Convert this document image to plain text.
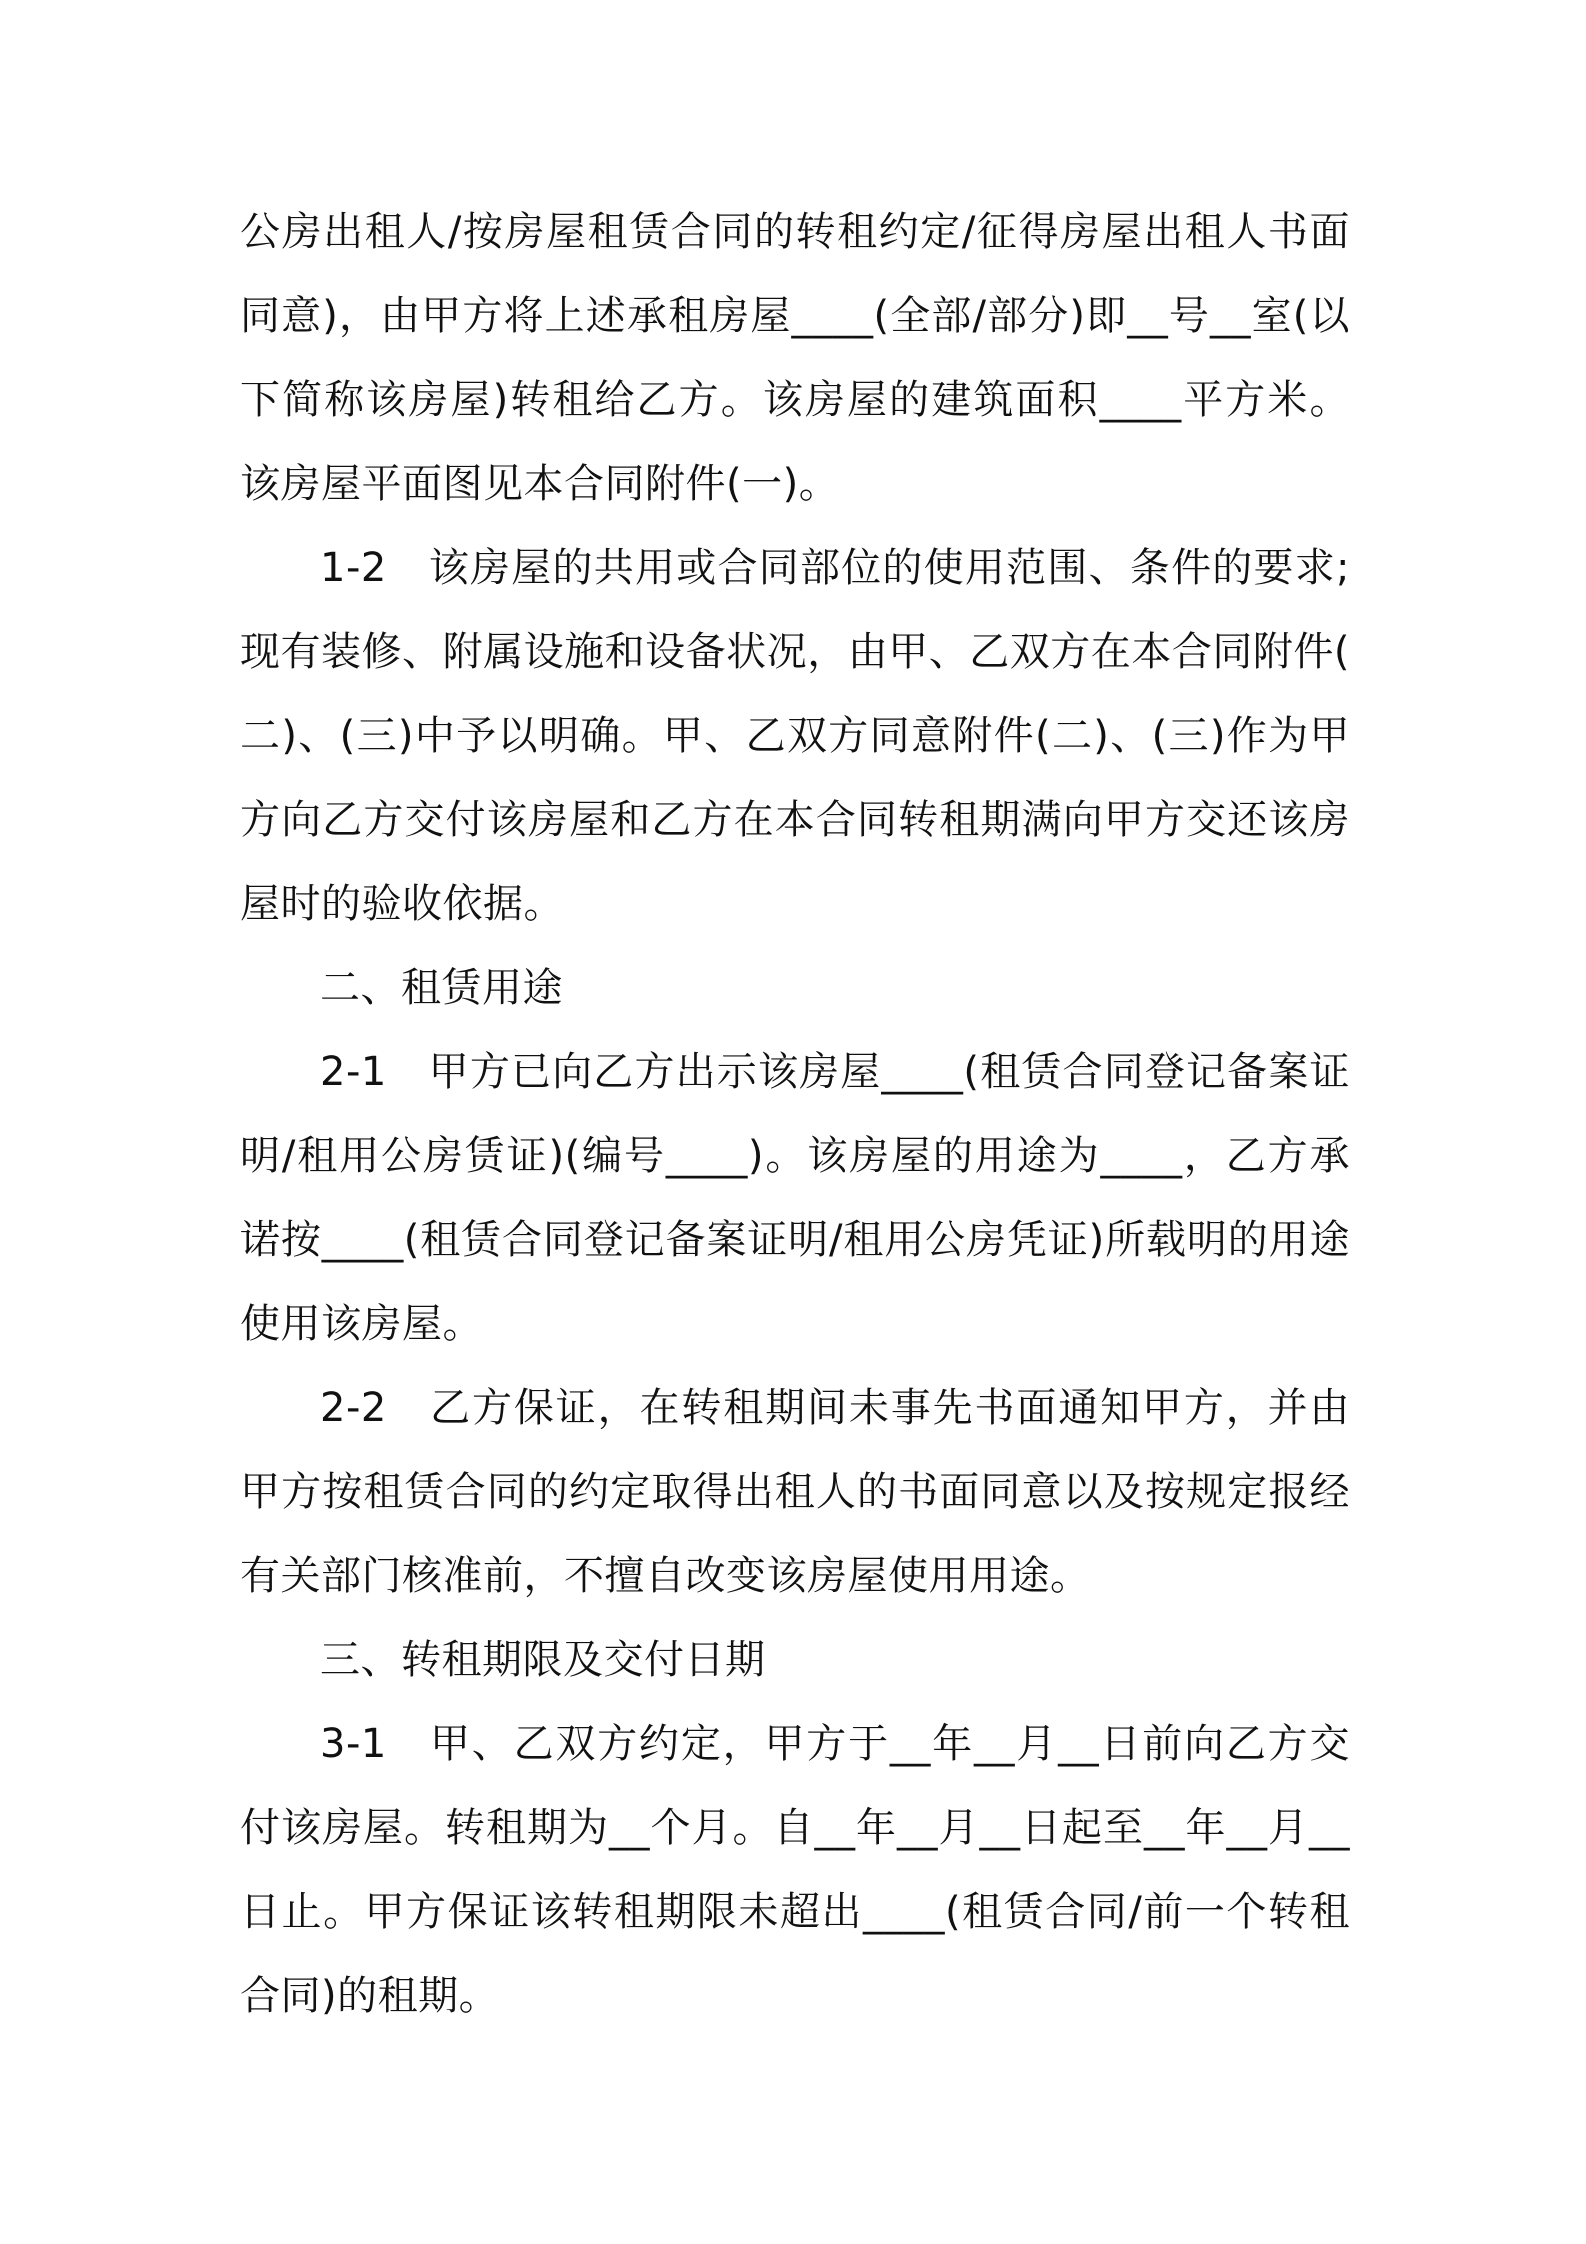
公房出租人/按房屋租赁合同的转租约定/征得房屋出租人书面同意)，由甲方将上述承租房屋____(全部/部分)即__号__室(以下简称该房屋)转租给乙方。该房屋的建筑面积____平方米。该房屋平面图见本合同附件(一)。

1-2　该房屋的共用或合同部位的使用范围、条件的要求;现有装修、附属设施和设备状况，由甲、乙双方在本合同附件(二)、(三)中予以明确。甲、乙双方同意附件(二)、(三)作为甲方向乙方交付该房屋和乙方在本合同转租期满向甲方交还该房屋时的验收依据。

二、租赁用途

2-1　甲方已向乙方出示该房屋____(租赁合同登记备案证明/租用公房赁证)(编号____)。该房屋的用途为____，乙方承诺按____(租赁合同登记备案证明/租用公房凭证)所载明的用途使用该房屋。

2-2　乙方保证，在转租期间未事先书面通知甲方，并由甲方按租赁合同的约定取得出租人的书面同意以及按规定报经有关部门核准前，不擅自改变该房屋使用用途。

三、转租期限及交付日期

3-1　甲、乙双方约定，甲方于__年__月__日前向乙方交付该房屋。转租期为__个月。自__年__月__日起至__年__月__日止。甲方保证该转租期限未超出____(租赁合同/前一个转租合同)的租期。
